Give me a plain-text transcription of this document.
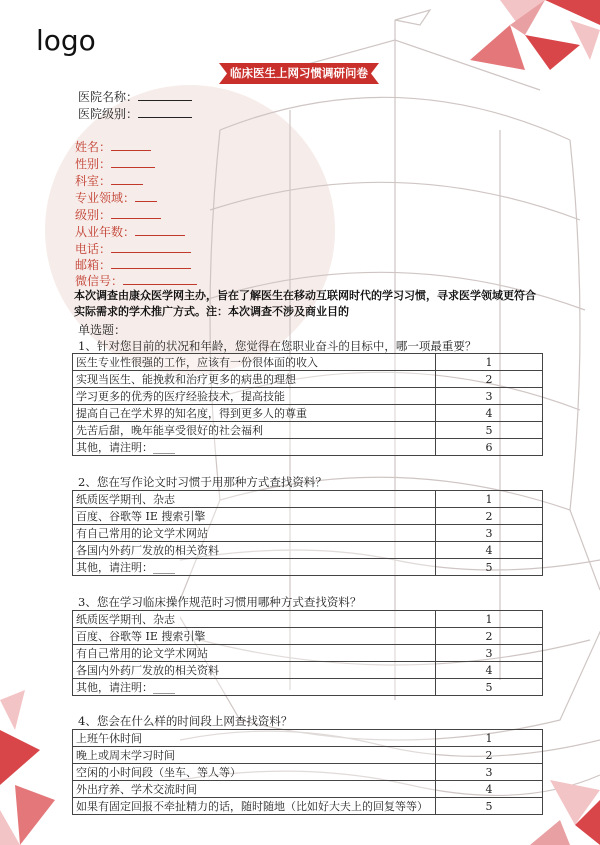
logo
临床医生上网习惯调研问卷
医院名称：
医院级别：
姓名：
性别：
科室：
专业领域：
级别：
从业年数：
电话：
邮箱：
微信号：
本次调查由康众医学网主办，旨在了解医生在移动互联网时代的学习习惯，寻求医学领域更符合实际需求的学术推广方式。注：本次调查不涉及商业目的
单选题：
1、针对您目前的状况和年龄，您觉得在您职业奋斗的目标中，哪一项最重要？
医生专业性很强的工作，应该有一份很体面的收入	1
实现当医生、能挽救和治疗更多的病患的理想	2
学习更多的优秀的医疗经验技术，提高技能	3
提高自己在学术界的知名度，得到更多人的尊重	4
先苦后甜，晚年能享受很好的社会福利	5
其他，请注明：____	6
2、您在写作论文时习惯于用那种方式查找资料？
纸质医学期刊、杂志	1
百度、谷歌等 IE 搜索引擎	2
有自己常用的论文学术网站	3
各国内外药厂发放的相关资料	4
其他，请注明：____	5
3、您在学习临床操作规范时习惯用哪种方式查找资料？
纸质医学期刊、杂志	1
百度、谷歌等 IE 搜索引擎	2
有自己常用的论文学术网站	3
各国内外药厂发放的相关资料	4
其他，请注明：____	5
4、您会在什么样的时间段上网查找资料？
上班午休时间	1
晚上或周末学习时间	2
空闲的小时间段（坐车、等人等）	3
外出疗养、学术交流时间	4
如果有固定回报不牵扯精力的话，随时随地（比如好大夫上的回复等等）	5
